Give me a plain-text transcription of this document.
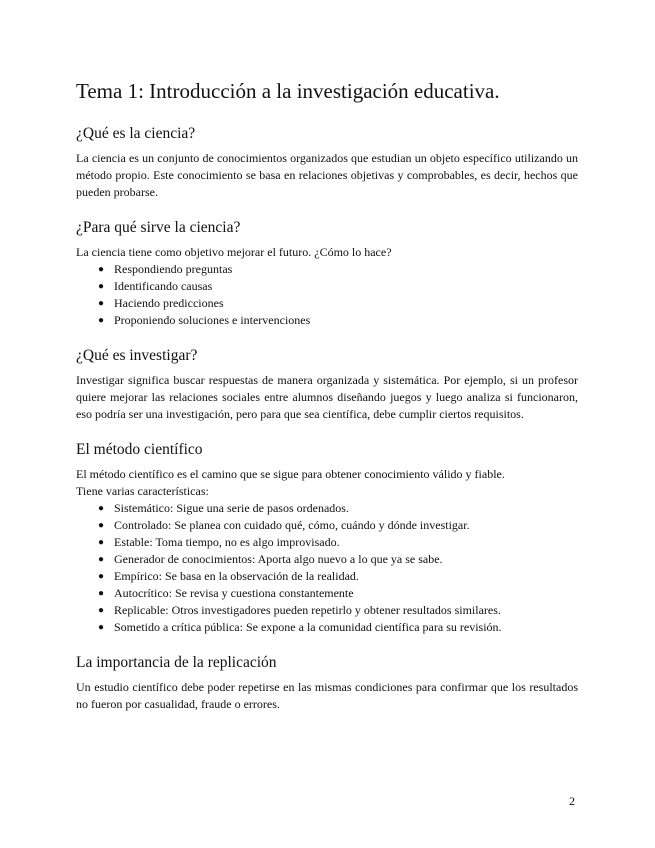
Tema 1: Introducción a la investigación educativa.
¿Qué es la ciencia?

La ciencia es un conjunto de conocimientos organizados que estudian un objeto específico utilizando un método propio. Este conocimiento se basa en relaciones objetivas y comprobables, es decir, hechos que pueden probarse.

¿Para qué sirve la ciencia?

La ciencia tiene como objetivo mejorar el futuro. ¿Cómo lo hace?

● Respondiendo preguntas
● Identificando causas
● Haciendo predicciones
● Proponiendo soluciones e intervenciones
¿Qué es investigar?

Investigar significa buscar respuestas de manera organizada y sistemática. Por ejemplo, si un profesor quiere mejorar las relaciones sociales entre alumnos diseñando juegos y luego analiza si funcionaron, eso podría ser una investigación, pero para que sea científica, debe cumplir ciertos requisitos.

El método científico

El método científico es el camino que se sigue para obtener conocimiento válido y fiable.

Tiene varias características:

● Sistemático: Sigue una serie de pasos ordenados.
● Controlado: Se planea con cuidado qué, cómo, cuándo y dónde investigar.
● Estable: Toma tiempo, no es algo improvisado.
● Generador de conocimientos: Aporta algo nuevo a lo que ya se sabe.
● Empírico: Se basa en la observación de la realidad.
● Autocrítico: Se revisa y cuestiona constantemente
● Replicable: Otros investigadores pueden repetirlo y obtener resultados similares.
● Sometido a crítica pública: Se expone a la comunidad científica para su revisión.
La importancia de la replicación

Un estudio científico debe poder repetirse en las mismas condiciones para confirmar que los resultados no fueron por casualidad, fraude o errores.

2
